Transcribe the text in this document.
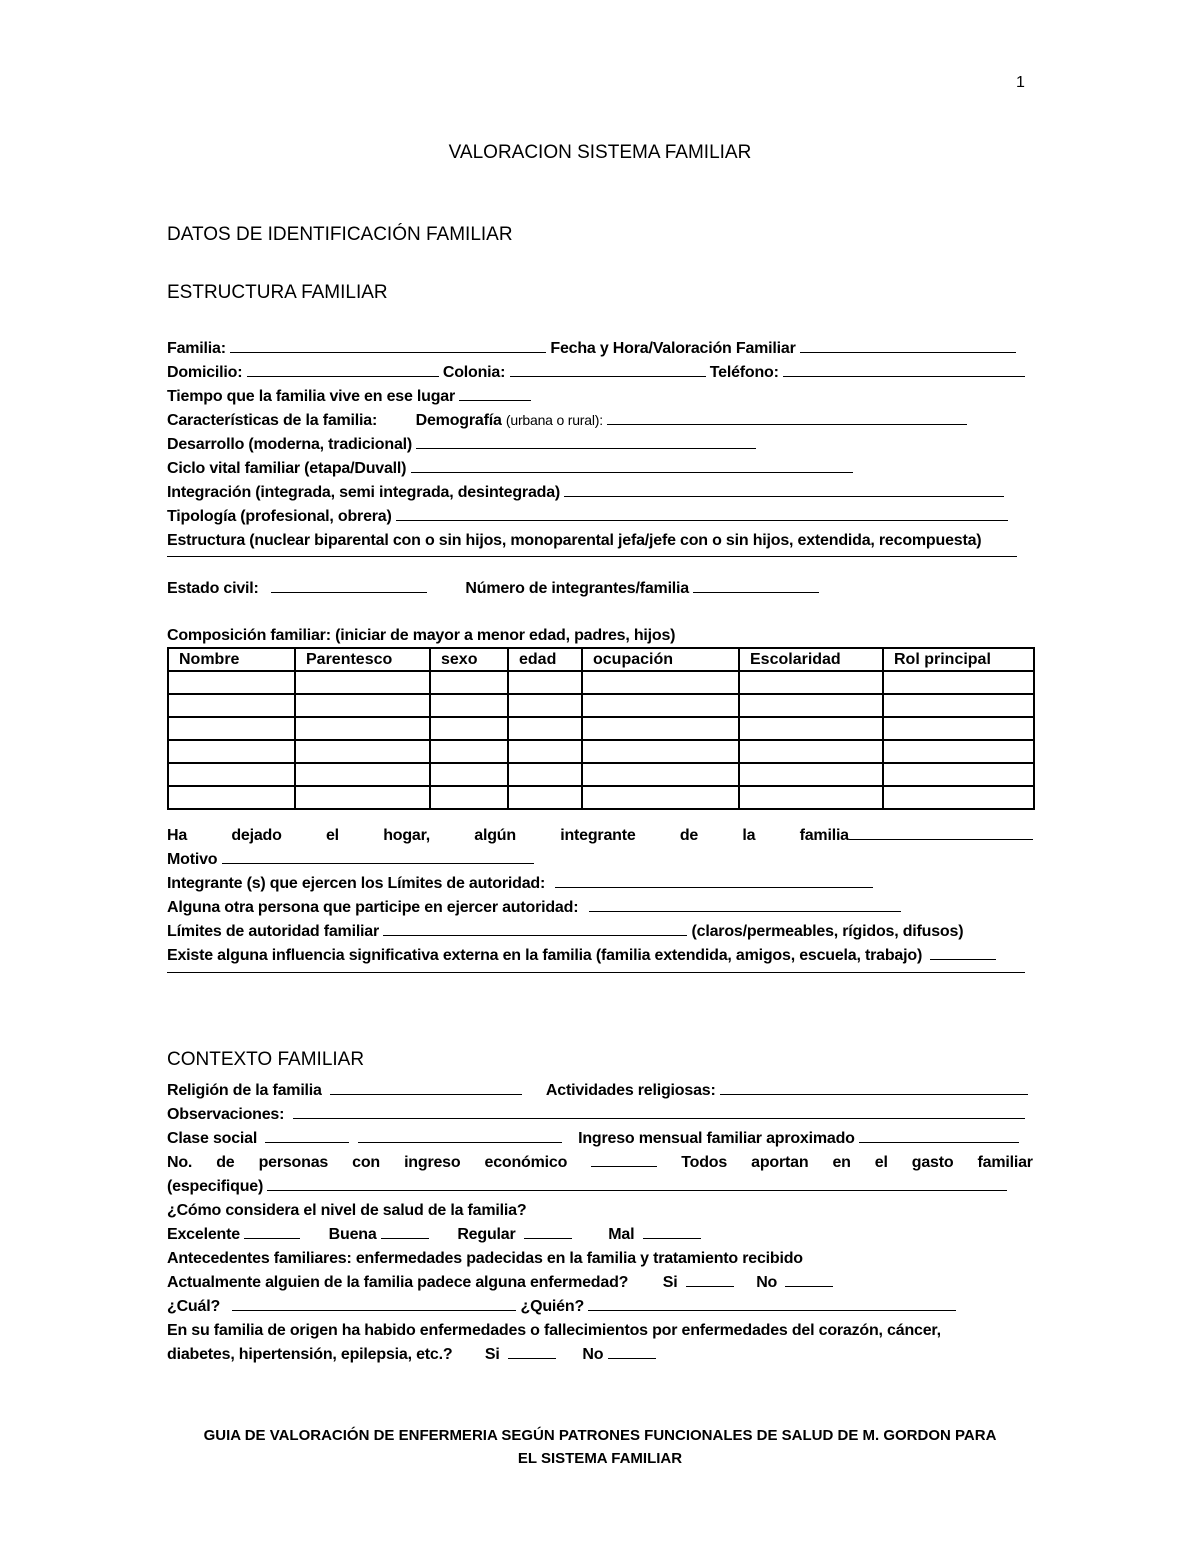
1
VALORACION SISTEMA FAMILIAR
DATOS DE IDENTIFICACIÓN FAMILIAR
ESTRUCTURA FAMILIAR
Familia:	Fecha y Hora/Valoración Familiar
Domicilio:	Colonia:	Teléfono:
Tiempo que la familia vive en ese lugar
Características de la familia: Demografía (urbana o rural):
Desarrollo (moderna, tradicional)
Ciclo vital familiar (etapa/Duvall)
Integración (integrada, semi integrada, desintegrada)
Tipología (profesional, obrera)
Estructura (nuclear biparental con o sin hijos, monoparental jefa/jefe con o sin hijos, extendida, recompuesta)
Estado civil:	Número de integrantes/familia
Composición familiar: (iniciar de mayor a menor edad, padres, hijos)
Nombre	Parentesco	sexo	edad	ocupación	Escolaridad	Rol principal

Ha	dejado	el	hogar,	algún	integrante	de	la	familia
Motivo
Integrante (s) que ejercen los Límites de autoridad:
Alguna otra persona que participe en ejercer autoridad:
Límites de autoridad familiar	(claros/permeables, rígidos, difusos)
Existe alguna influencia significativa externa en la familia (familia extendida, amigos, escuela, trabajo)
CONTEXTO FAMILIAR
Religión de la familia	Actividades religiosas:
Observaciones:
Clase social	Ingreso mensual familiar aproximado
No. de personas con ingreso económico	Todos aportan en el gasto familiar
(especifique)
¿Cómo considera el nivel de salud de la familia?
Excelente	Buena	Regular	Mal
Antecedentes familiares: enfermedades padecidas en la familia y tratamiento recibido
Actualmente alguien de la familia padece alguna enfermedad? Si	No
¿Cuál?	¿Quién?
En su familia de origen ha habido enfermedades o fallecimientos por enfermedades del corazón, cáncer,
diabetes, hipertensión, epilepsia, etc.? Si	No
GUIA DE VALORACIÓN DE ENFERMERIA SEGÚN PATRONES FUNCIONALES DE SALUD DE M. GORDON PARA
EL SISTEMA FAMILIAR
